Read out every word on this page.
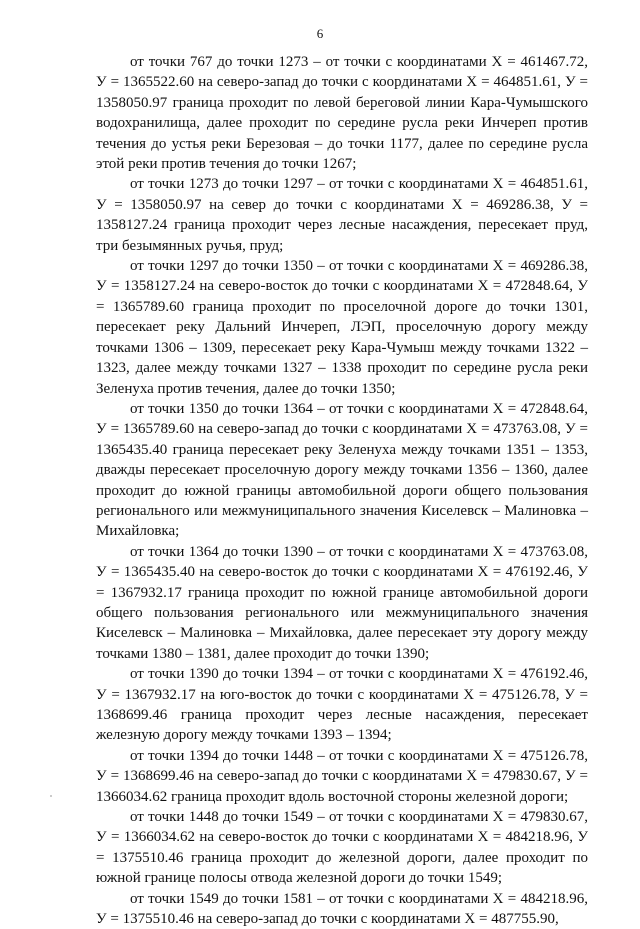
6

от точки 767 до точки 1273 – от точки с координатами X = 461467.72, У = 1365522.60 на северо-запад до точки с координатами X = 464851.61, У = 1358050.97 граница проходит по левой береговой линии Кара-Чумышского водохранилища, далее проходит по середине русла реки Инчереп против течения до устья реки Березовая – до точки 1177, далее по середине русла этой реки против течения до точки 1267;

от точки 1273 до точки 1297 – от точки с координатами X = 464851.61, У = 1358050.97 на север до точки с координатами X = 469286.38, У = 1358127.24 граница проходит через лесные насаждения, пересекает пруд, три безымянных ручья, пруд;

от точки 1297 до точки 1350 – от точки с координатами X = 469286.38, У = 1358127.24 на северо-восток до точки с координатами X = 472848.64, У = 1365789.60 граница проходит по проселочной дороге до точки 1301, пересекает реку Дальний Инчереп, ЛЭП, проселочную дорогу между точками 1306 – 1309, пересекает реку Кара-Чумыш между точками 1322 – 1323, далее между точками 1327 – 1338 проходит по середине русла реки Зеленуха против течения, далее до точки 1350;

от точки 1350 до точки 1364 – от точки с координатами X = 472848.64, У = 1365789.60 на северо-запад до точки с координатами X = 473763.08, У = 1365435.40 граница пересекает реку Зеленуха между точками 1351 – 1353, дважды пересекает проселочную дорогу между точками 1356 – 1360, далее проходит до южной границы автомобильной дороги общего пользования регионального или межмуниципального значения Киселевск – Малиновка – Михайловка;

от точки 1364 до точки 1390 – от точки с координатами X = 473763.08, У = 1365435.40 на северо-восток до точки с координатами X = 476192.46, У = 1367932.17 граница проходит по южной границе автомобильной дороги общего пользования регионального или межмуниципального значения Киселевск – Малиновка – Михайловка, далее пересекает эту дорогу между точками 1380 – 1381, далее проходит до точки 1390;

от точки 1390 до точки 1394 – от точки с координатами X = 476192.46, У = 1367932.17 на юго-восток до точки с координатами X = 475126.78, У = 1368699.46 граница проходит через лесные насаждения, пересекает железную дорогу между точками 1393 – 1394;

от точки 1394 до точки 1448 – от точки с координатами X = 475126.78, У = 1368699.46 на северо-запад до точки с координатами X = 479830.67, У = 1366034.62 граница проходит вдоль восточной стороны железной дороги;

от точки 1448 до точки 1549 – от точки с координатами X = 479830.67, У = 1366034.62 на северо-восток до точки с координатами X = 484218.96, У = 1375510.46 граница проходит до железной дороги, далее проходит по южной границе полосы отвода железной дороги до точки 1549;

от точки 1549 до точки 1581 – от точки с координатами X = 484218.96, У = 1375510.46 на северо-запад до точки с координатами X = 487755.90,
